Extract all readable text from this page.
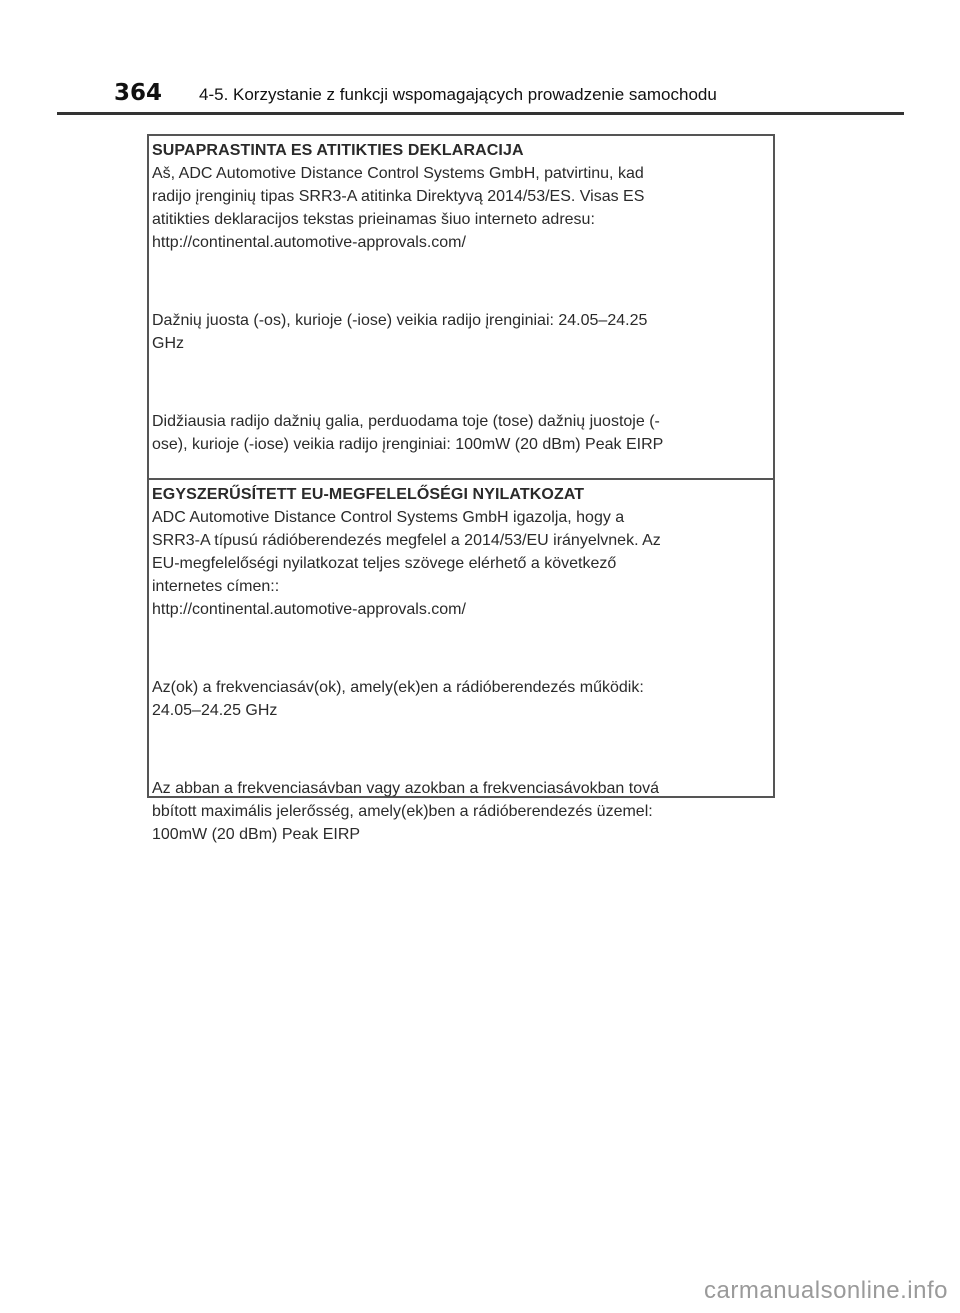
364 4-5. Korzystanie z funkcji wspomagających prowadzenie samochodu

SUPAPRASTINTA ES ATITIKTIES DEKLARACIJA

Aš, ADC Automotive Distance Control Systems GmbH, patvirtinu, kad

radijo įrenginių tipas SRR3-A atitinka Direktyvą 2014/53/ES. Visas ES

atitikties deklaracijos tekstas prieinamas šiuo interneto adresu:

http://continental.automotive-approvals.com/

Dažnių juosta (-os), kurioje (-iose) veikia radijo įrenginiai: 24.05–24.25

GHz

Didžiausia radijo dažnių galia, perduodama toje (tose) dažnių juostoje (-

ose), kurioje (-iose) veikia radijo įrenginiai: 100mW (20 dBm) Peak EIRP

EGYSZERŰSÍTETT EU-MEGFELELŐSÉGI NYILATKOZAT

ADC Automotive Distance Control Systems GmbH igazolja, hogy a

SRR3-A típusú rádióberendezés megfelel a 2014/53/EU irányelvnek. Az

EU-megfelelőségi nyilatkozat teljes szövege elérhető a következő

internetes címen::

http://continental.automotive-approvals.com/

Az(ok) a frekvenciasáv(ok), amely(ek)en a rádióberendezés működik:

24.05–24.25 GHz

Az abban a frekvenciasávban vagy azokban a frekvenciasávokban tová

bbított maximális jelerősség, amely(ek)ben a rádióberendezés üzemel:

100mW (20 dBm) Peak EIRP

carmanualsonline.info
